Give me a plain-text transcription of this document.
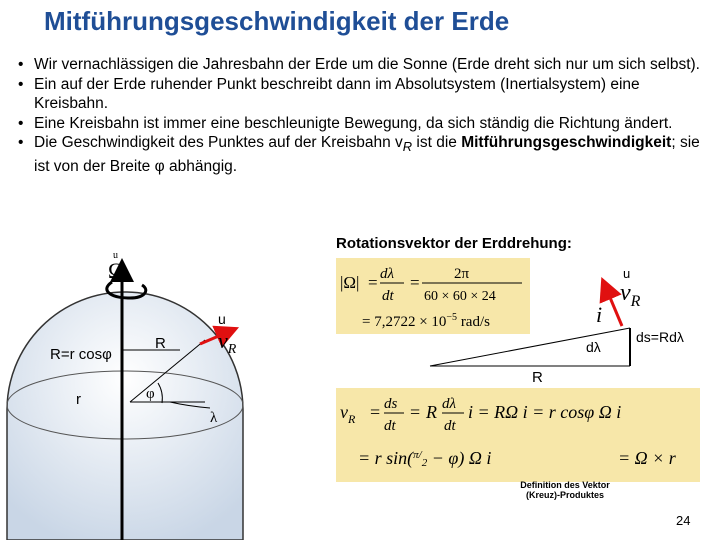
Mitführungsgeschwindigkeit der Erde
• Wir vernachlässigen die Jahresbahn der Erde um die Sonne (Erde dreht sich nur um sich selbst).
• Ein auf der Erde ruhender Punkt beschreibt dann im Absolutsystem (Inertialsystem) eine Kreisbahn.
• Eine Kreisbahn ist immer eine beschleunigte Bewegung, da sich ständig die Richtung ändert.
• Die Geschwindigkeit des Punktes auf der Kreisbahn $v_R$ ist die Mitführungsgeschwindigkeit; sie ist von der Breite φ abhängig.
Rotationsvektor der Erddrehung:
Ω
u
R=r cosφ
r
R
φ
λ
u
$v_R$
|Ω| = dλ
dt
= 2π
60 × 60 × 24
= $7,2722 \times 10^{-5}$ rad/s
u
$v_R$
i
dλ
ds=Rdλ
R
$v_R$ = ds
dt
= R dλ
dt
i = RΩ i = r cosφ Ω i
= r $\sin(^\pi/_2 - \varphi)$ Ω i	= Ω × r
Definition des Vektor (Kreuz)-Produktes
24
